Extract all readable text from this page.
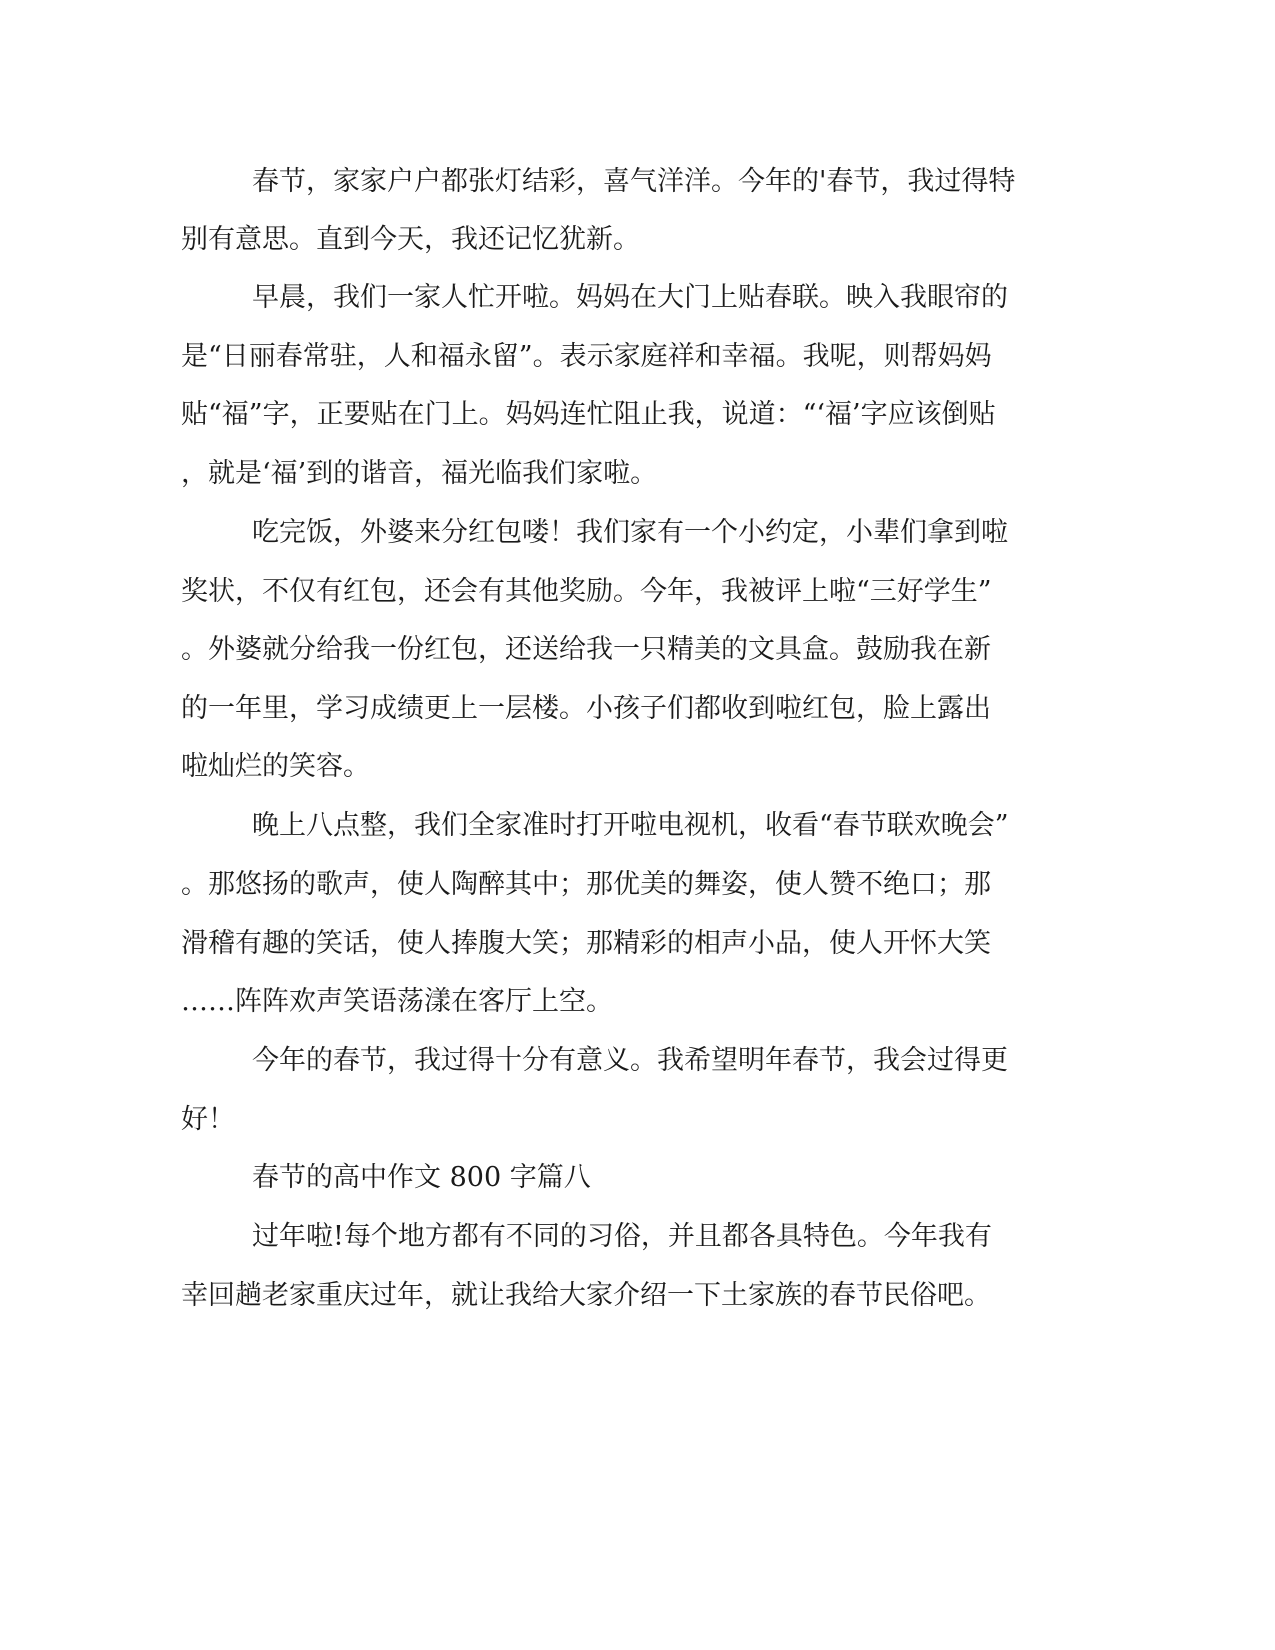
春节，家家户户都张灯结彩，喜气洋洋。今年的'春节，我过得特
别有意思。直到今天，我还记忆犹新。
早晨，我们一家人忙开啦。妈妈在大门上贴春联。映入我眼帘的
是“日丽春常驻，人和福永留”。表示家庭祥和幸福。我呢，则帮妈妈
贴“福”字，正要贴在门上。妈妈连忙阻止我，说道：“‘福’字应该倒贴
，就是‘福’到的谐音，福光临我们家啦。
吃完饭，外婆来分红包喽！我们家有一个小约定，小辈们拿到啦
奖状，不仅有红包，还会有其他奖励。今年，我被评上啦“三好学生”
。外婆就分给我一份红包，还送给我一只精美的文具盒。鼓励我在新
的一年里，学习成绩更上一层楼。小孩子们都收到啦红包，脸上露出
啦灿烂的笑容。
晚上八点整，我们全家准时打开啦电视机，收看“春节联欢晚会”
。那悠扬的歌声，使人陶醉其中；那优美的舞姿，使人赞不绝口；那
滑稽有趣的笑话，使人捧腹大笑；那精彩的相声小品，使人开怀大笑
……阵阵欢声笑语荡漾在客厅上空。
今年的春节，我过得十分有意义。我希望明年春节，我会过得更
好！
春节的高中作文 800 字篇八
过年啦!每个地方都有不同的习俗，并且都各具特色。今年我有
幸回趟老家重庆过年，就让我给大家介绍一下土家族的春节民俗吧。
